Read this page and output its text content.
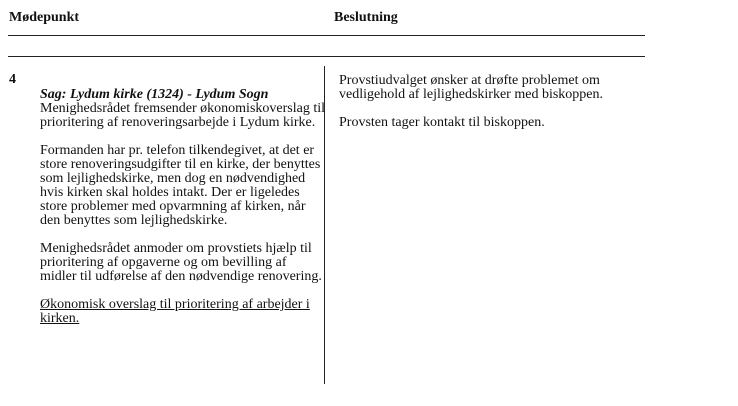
Mødepunkt	Beslutning
4
Sag: Lydum kirke (1324) - Lydum Sogn

Menighedsrådet fremsender økonomiskoverslag til prioritering af renoveringsarbejde i Lydum kirke.

Formanden har pr. telefon tilkendegivet, at det er store renoveringsudgifter til en kirke, der benyttes som lejlighedskirke, men dog en nødvendighed hvis kirken skal holdes intakt. Der er ligeledes store problemer med opvarmning af kirken, når den benyttes som lejlighedskirke.

Menighedsrådet anmoder om provstiets hjælp til prioritering af opgaverne og om bevilling af midler til udførelse af den nødvendige renovering.

Økonomisk overslag til prioritering af arbejder i kirken.

Provstiudvalget ønsker at drøfte problemet om vedligehold af lejlighedskirker med biskoppen.

Provsten tager kontakt til biskoppen.
